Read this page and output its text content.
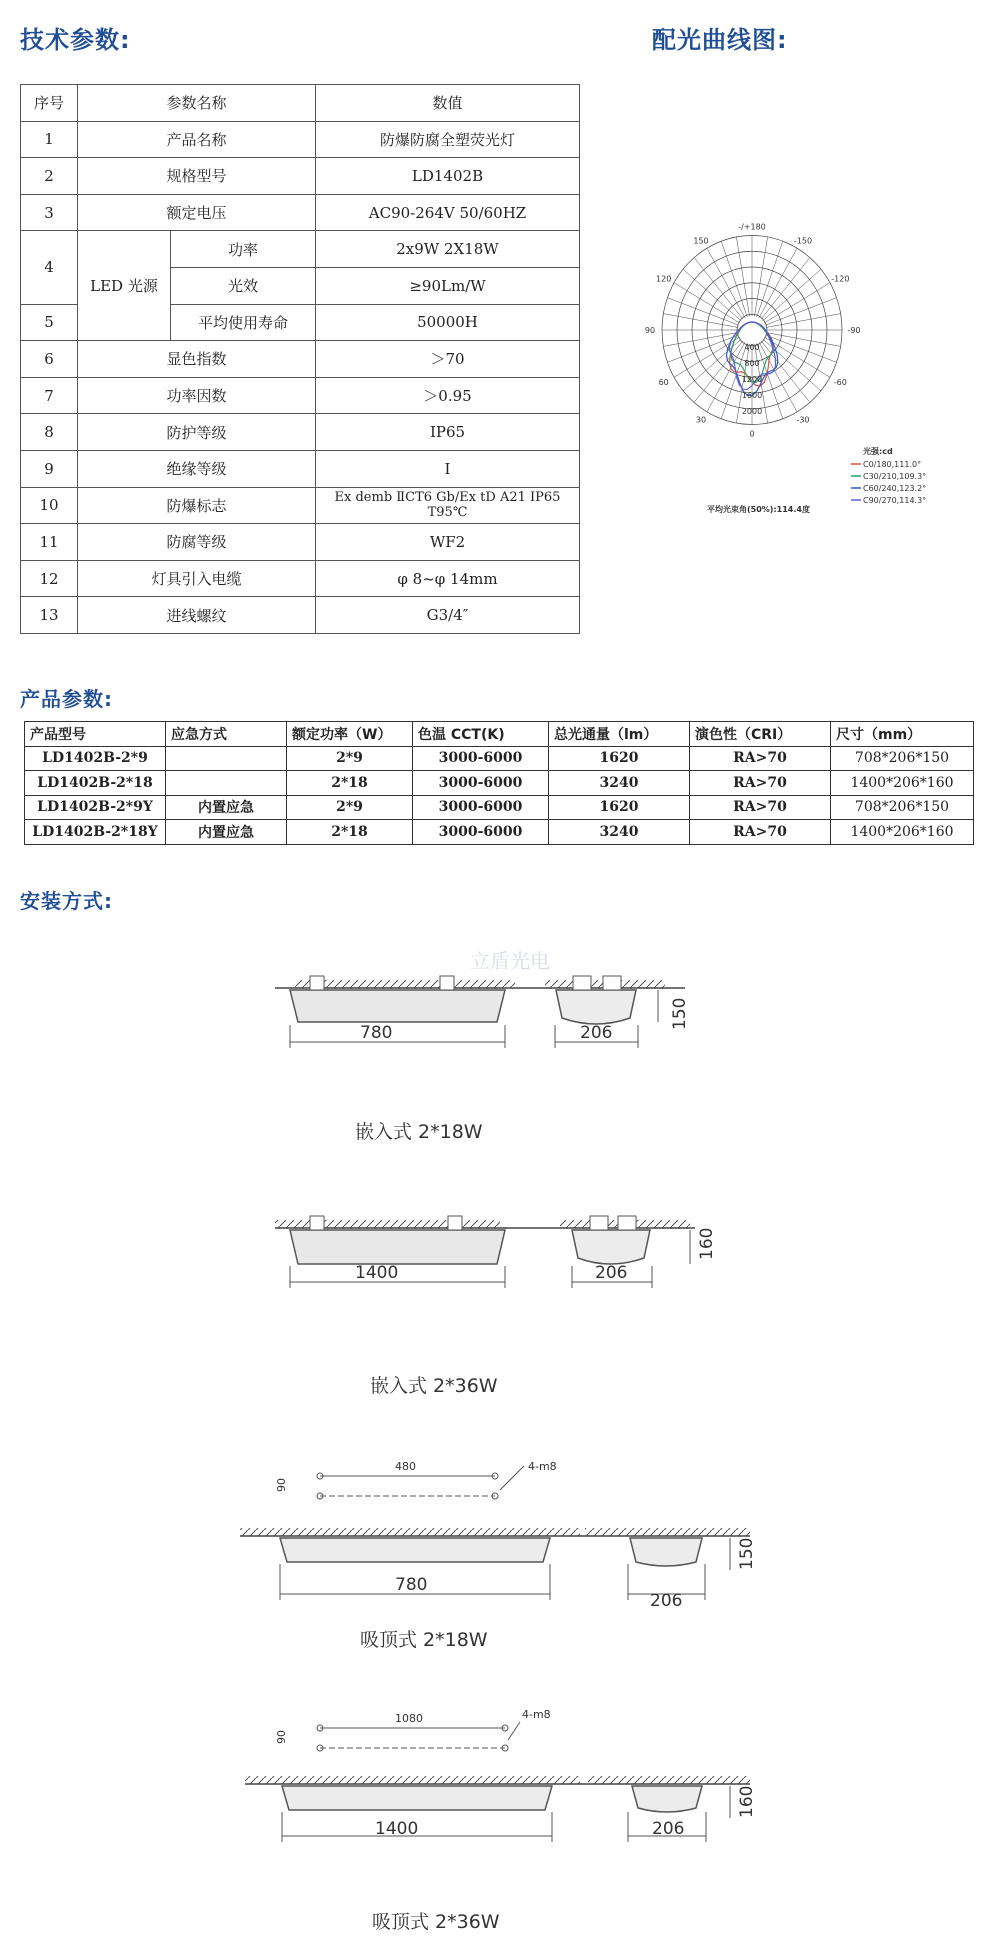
技术参数:	配光曲线图:
序号	参数名称		数值
1	产品名称		防爆防腐全塑荧光灯
2	规格型号		LD1402B
3	额定电压		AC90-264V 50/60HZ
4	LED 光源	功率	2x9W 2X18W
		光效	≥90Lm/W
5		平均使用寿命	50000H
6	显色指数		＞70
7	功率因数		＞0.95
8	防护等级		IP65
9	绝缘等级		Ⅰ
10	防爆标志		Ex demb ⅡCT6 Gb/Ex tD A21 IP65 T95℃
11	防腐等级		WF2
12	灯具引入电缆		φ 8~φ 14mm
13	进线螺纹		G3/4″
-/+180
150	-150
120	-120
90	-90
60	-60
30	-30
0
400
800
1200
1600
2000
光强:cd
C0/180,111.0°
C30/210,109.3°
C60/240,123.2°
C90/270,114.3°
平均光束角(50%):114.4度
产品参数:
产品型号	应急方式	额定功率（W）	色温 CCT(K)	总光通量（lm）	演色性（CRI）	尺寸（mm）
LD1402B-2*9		2*9	3000-6000	1620	RA>70	708*206*150
LD1402B-2*18		2*18	3000-6000	3240	RA>70	1400*206*160
LD1402B-2*9Y	内置应急	2*9	3000-6000	1620	RA>70	708*206*150
LD1402B-2*18Y	内置应急	2*18	3000-6000	3240	RA>70	1400*206*160
安装方式:
立盾光电
780	206
150
嵌入式 2*18W
1400	206
160
嵌入式 2*36W
480
90
4-m8
780
206
150
吸顶式 2*18W
1080
90
4-m8
1400	206
160
吸顶式 2*36W
